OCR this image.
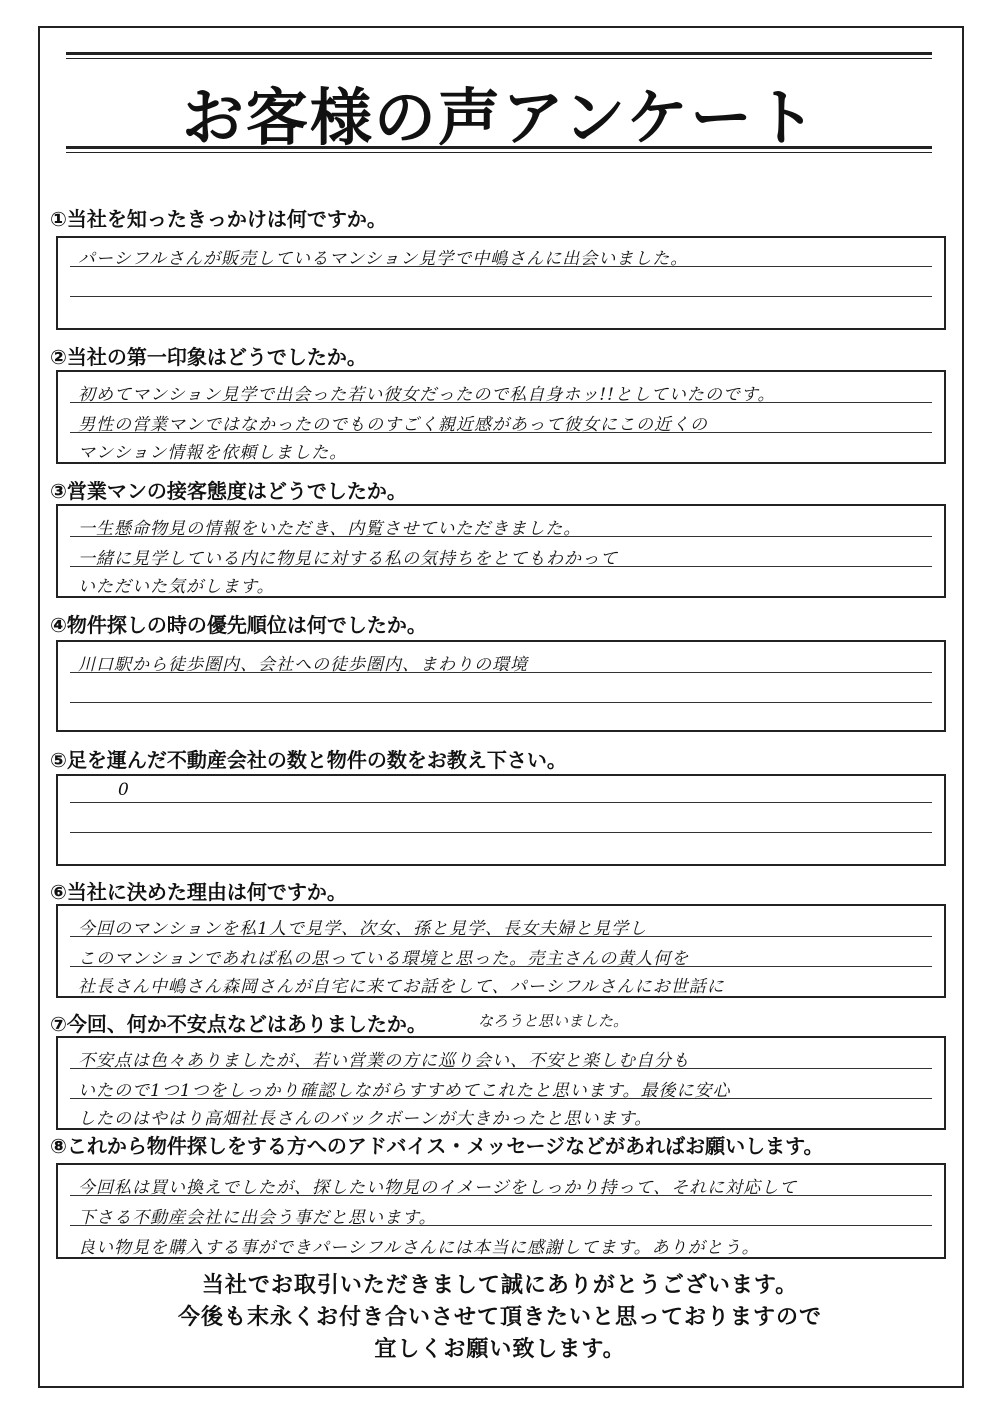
お客様の声アンケート
①当社を知ったきっかけは何ですか。
パーシフルさんが販売しているマンション見学で中嶋さんに出会いました。
②当社の第一印象はどうでしたか。
初めてマンション見学で出会った若い彼女だったので私自身ホッ!!としていたのです。
男性の営業マンではなかったのでものすごく親近感があって彼女にこの近くの
マンション情報を依頼しました。
③営業マンの接客態度はどうでしたか。
一生懸命物見の情報をいただき、内覧させていただきました。
一緒に見学している内に物見に対する私の気持ちをとてもわかって
いただいた気がします。
④物件探しの時の優先順位は何でしたか。
川口駅から徒歩圏内、会社への徒歩圏内、まわりの環境
⑤足を運んだ不動産会社の数と物件の数をお教え下さい。
0
⑥当社に決めた理由は何ですか。
今回のマンションを私1人で見学、次女、孫と見学、長女夫婦と見学し
このマンションであれば私の思っている環境と思った。売主さんの黄人何を
社長さん中嶋さん森岡さんが自宅に来てお話をして、パーシフルさんにお世話に
⑦今回、何か不安点などはありましたか。	なろうと思いました。
不安点は色々ありましたが、若い営業の方に巡り会い、不安と楽しむ自分も
いたので1つ1つをしっかり確認しながらすすめてこれたと思います。最後に安心
したのはやはり高畑社長さんのバックボーンが大きかったと思います。
⑧これから物件探しをする方へのアドバイス・メッセージなどがあればお願いします。
今回私は買い換えでしたが、探したい物見のイメージをしっかり持って、それに対応して
下さる不動産会社に出会う事だと思います。
良い物見を購入する事ができパーシフルさんには本当に感謝してます。ありがとう。
当社でお取引いただきまして誠にありがとうございます。
今後も末永くお付き合いさせて頂きたいと思っておりますので
宜しくお願い致します。
